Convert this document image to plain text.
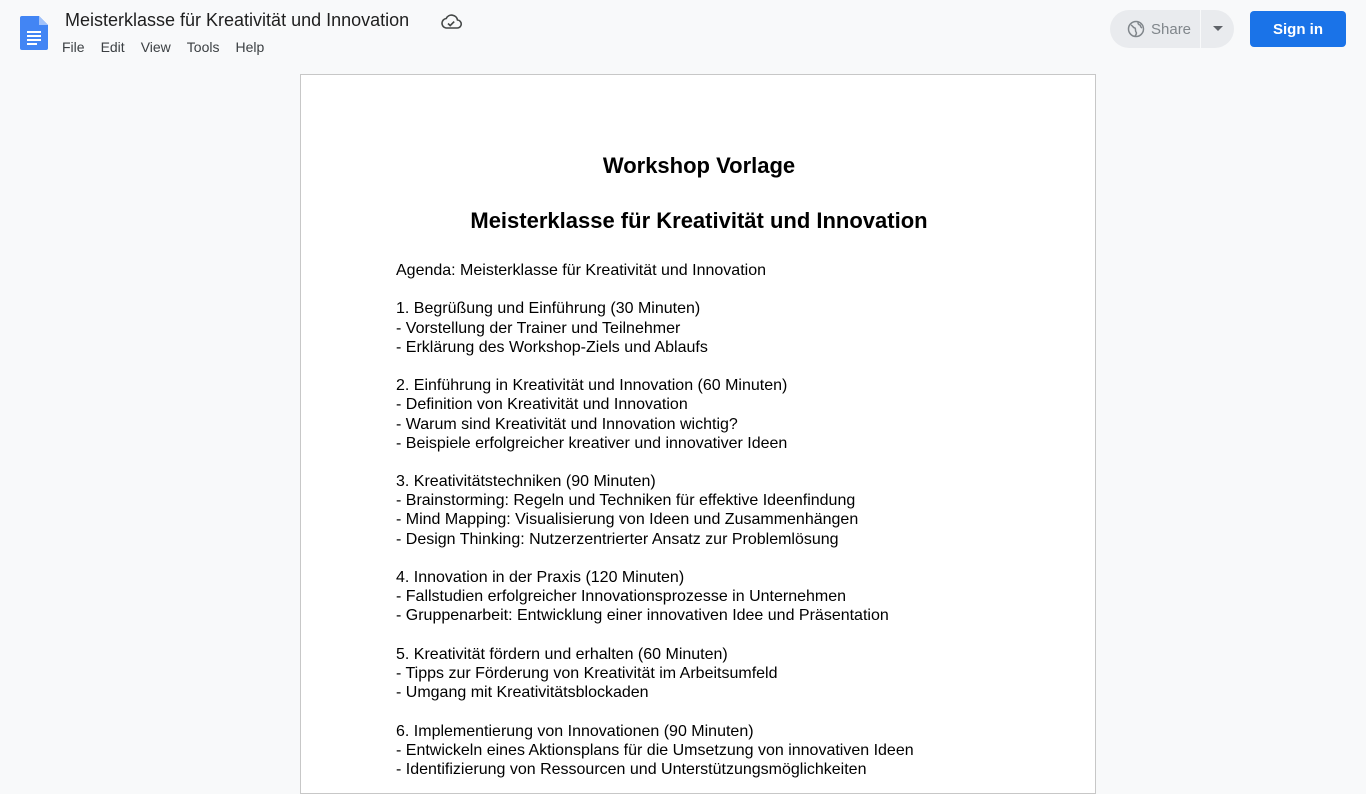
Meisterklasse für Kreativität und Innovation
File	Edit	View	Tools	Help
Share	Sign in
Workshop Vorlage
Meisterklasse für Kreativität und Innovation
Agenda: Meisterklasse für Kreativität und Innovation
1. Begrüßung und Einführung (30 Minuten)
- Vorstellung der Trainer und Teilnehmer
- Erklärung des Workshop-Ziels und Ablaufs
2. Einführung in Kreativität und Innovation (60 Minuten)
- Definition von Kreativität und Innovation
- Warum sind Kreativität und Innovation wichtig?
- Beispiele erfolgreicher kreativer und innovativer Ideen
3. Kreativitätstechniken (90 Minuten)
- Brainstorming: Regeln und Techniken für effektive Ideenfindung
- Mind Mapping: Visualisierung von Ideen und Zusammenhängen
- Design Thinking: Nutzerzentrierter Ansatz zur Problemlösung
4. Innovation in der Praxis (120 Minuten)
- Fallstudien erfolgreicher Innovationsprozesse in Unternehmen
- Gruppenarbeit: Entwicklung einer innovativen Idee und Präsentation
5. Kreativität fördern und erhalten (60 Minuten)
- Tipps zur Förderung von Kreativität im Arbeitsumfeld
- Umgang mit Kreativitätsblockaden
6. Implementierung von Innovationen (90 Minuten)
- Entwickeln eines Aktionsplans für die Umsetzung von innovativen Ideen
- Identifizierung von Ressourcen und Unterstützungsmöglichkeiten
